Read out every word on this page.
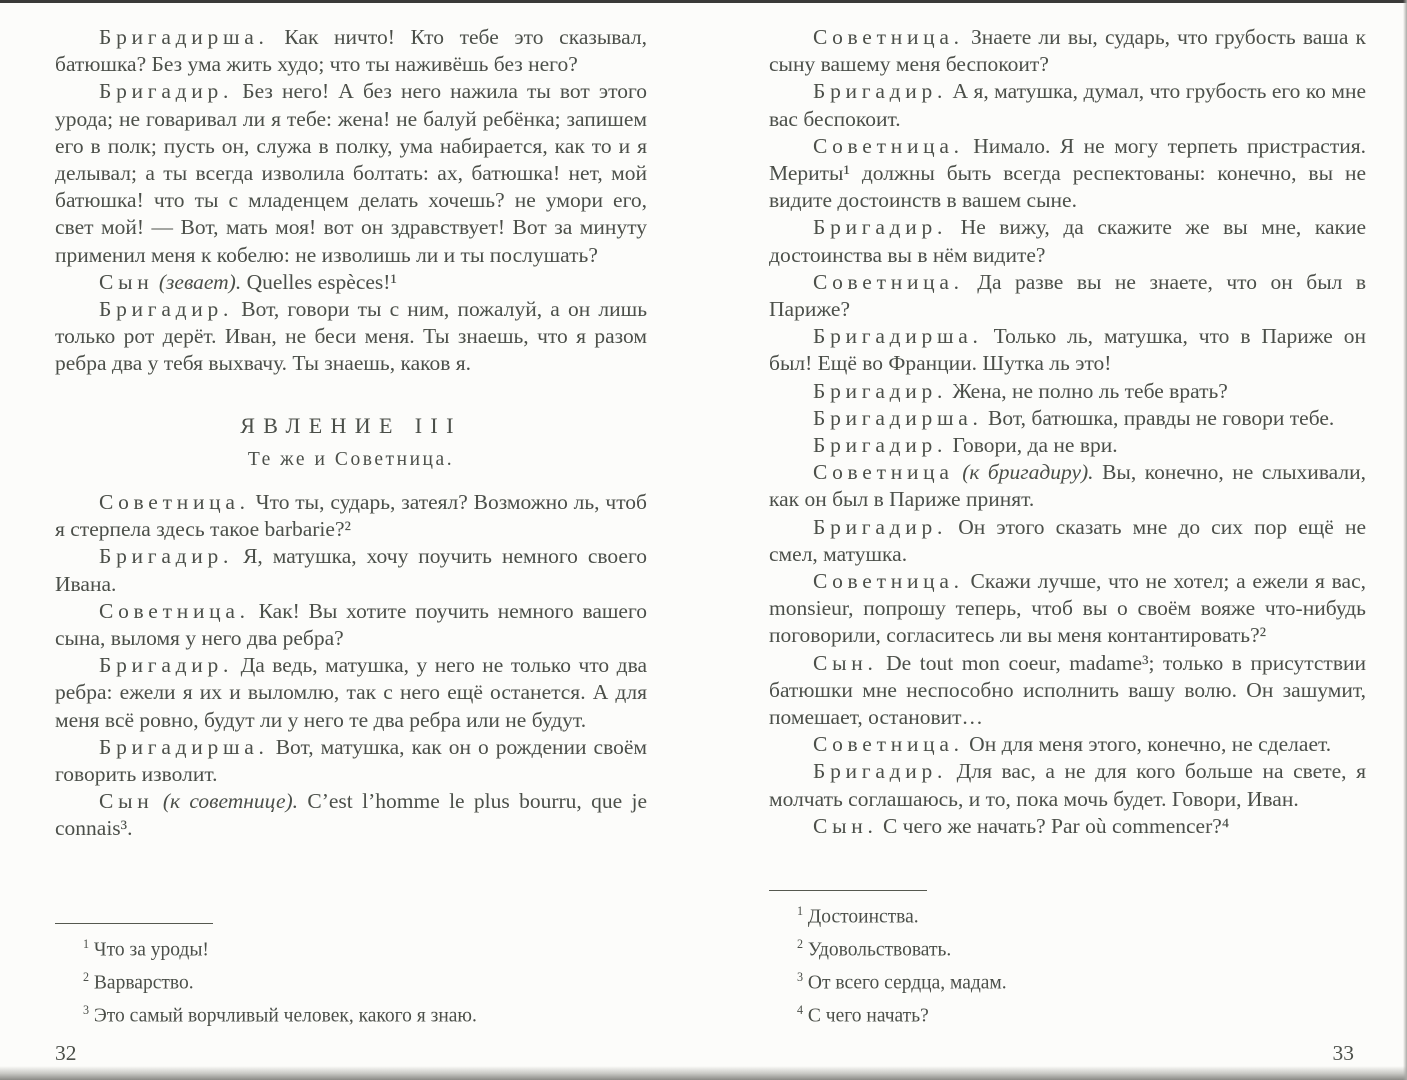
Бригадирша. Как ничто! Кто тебе это сказывал, батюшка? Без ума жить худо; что ты наживёшь без него?

Бригадир. Без него! А без него нажила ты вот этого урода; не говаривал ли я тебе: жена! не балуй ребёнка; запишем его в полк; пусть он, служа в полку, ума набирается, как то и я делывал; а ты всегда изволила болтать: ах, батюшка! нет, мой батюшка! что ты с младенцем делать хочешь? не умори его, свет мой! — Вот, мать моя! вот он здравствует! Вот за минуту применил меня к кобелю: не изволишь ли и ты послушать?

Сын (зевает). Quelles espèces!¹

Бригадир. Вот, говори ты с ним, пожалуй, а он лишь только рот дерёт. Иван, не беси меня. Ты знаешь, что я разом ребра два у тебя выхвачу. Ты знаешь, каков я.

ЯВЛЕНИЕ III
Те же и Советница.

Советница. Что ты, сударь, затеял? Возможно ль, чтоб я стерпела здесь такое barbarie?²

Бригадир. Я, матушка, хочу поучить немного своего Ивана.

Советница. Как! Вы хотите поучить немного вашего сына, выломя у него два ребра?

Бригадир. Да ведь, матушка, у него не только что два ребра: ежели я их и выломлю, так с него ещё останется. А для меня всё ровно, будут ли у него те два ребра или не будут.

Бригадирша. Вот, матушка, как он о рождении своём говорить изволит.

Сын (к советнице). C’est l’homme le plus bourru, que je connais³.

$^1$ Что за уроды!
$^2$ Варварство.
$^3$ Это самый ворчливый человек, какого я знаю.
32

Советница. Знаете ли вы, сударь, что грубость ваша к сыну вашему меня беспокоит?

Бригадир. А я, матушка, думал, что грубость его ко мне вас беспокоит.

Советница. Нимало. Я не могу терпеть пристрастия. Мериты¹ должны быть всегда респектованы: конечно, вы не видите достоинств в вашем сыне.

Бригадир. Не вижу, да скажите же вы мне, какие достоинства вы в нём видите?

Советница. Да разве вы не знаете, что он был в Париже?

Бригадирша. Только ль, матушка, что в Париже он был! Ещё во Франции. Шутка ль это!

Бригадир. Жена, не полно ль тебе врать?

Бригадирша. Вот, батюшка, правды не говори тебе.

Бригадир. Говори, да не ври.

Советница (к бригадиру). Вы, конечно, не слыхивали, как он был в Париже принят.

Бригадир. Он этого сказать мне до сих пор ещё не смел, матушка.

Советница. Скажи лучше, что не хотел; а ежели я вас, monsieur, попрошу теперь, чтоб вы о своём вояже что-нибудь поговорили, согласитесь ли вы меня контантировать?²

Сын. De tout mon coeur, madame³; только в присутствии батюшки мне неспособно исполнить вашу волю. Он зашумит, помешает, остановит…

Советница. Он для меня этого, конечно, не сделает.

Бригадир. Для вас, а не для кого больше на свете, я молчать соглашаюсь, и то, пока мочь будет. Говори, Иван.

Сын. С чего же начать? Par où commencer?⁴

$^1$ Достоинства.
$^2$ Удовольствовать.
$^3$ От всего сердца, мадам.
$^4$ С чего начать?
33
